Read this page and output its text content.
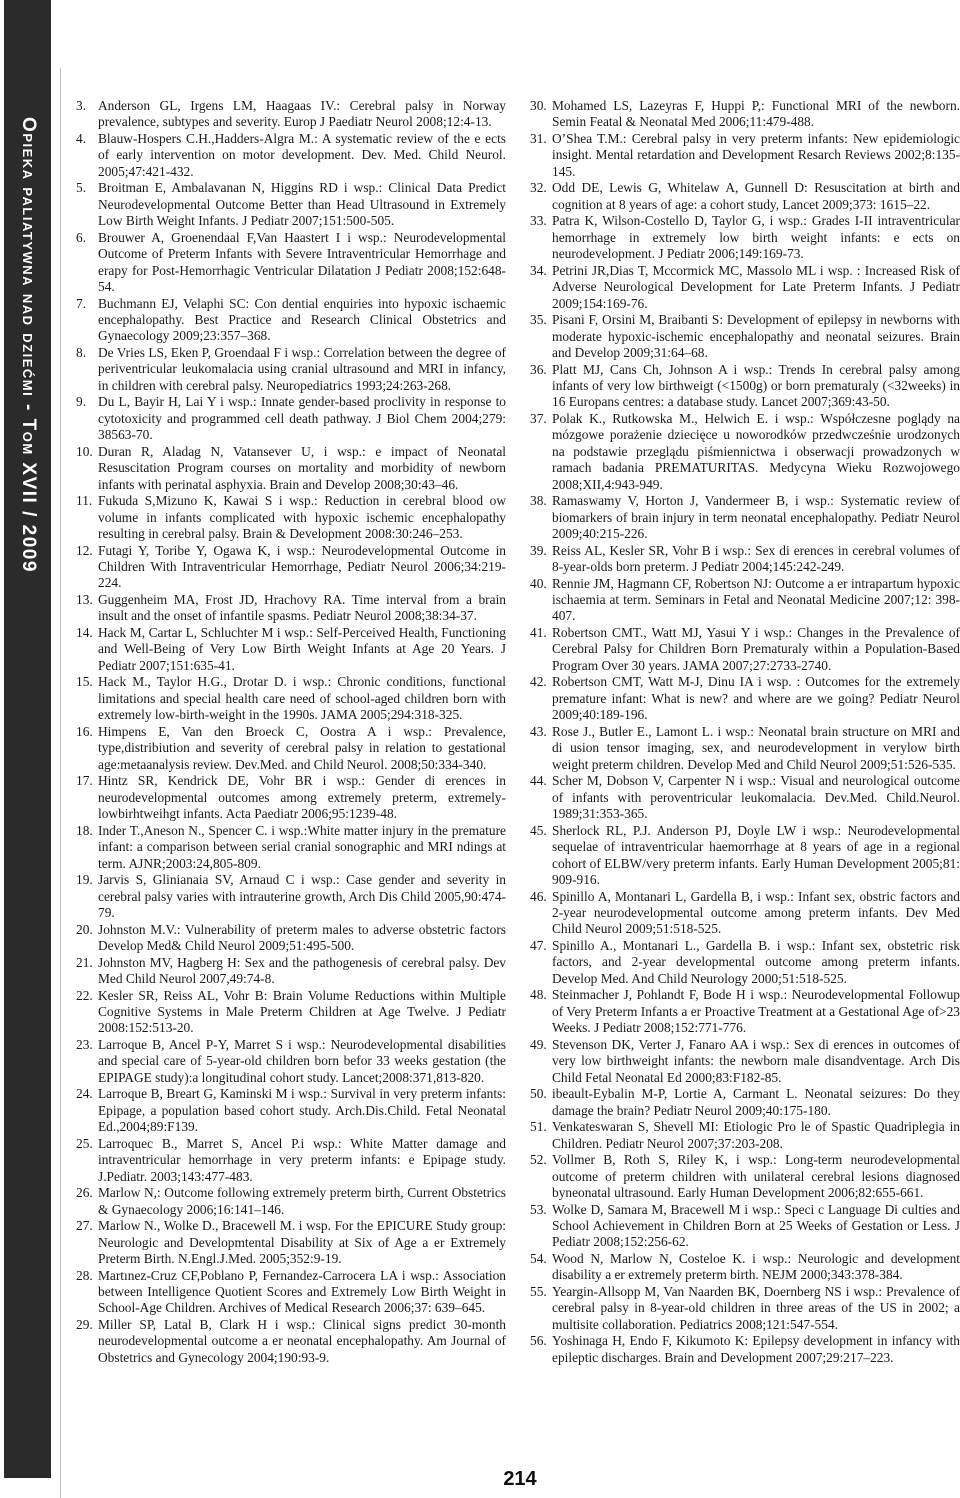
Opieka paliatywna nad dziećmi - Tom XVII / 2009
3. Anderson GL, Irgens LM, Haagaas IV.: Cerebral palsy in Norway prevalence, subtypes and severity. Europ J Paediatr Neurol 2008;12:4-13.
4. Blauw-Hospers C.H.,Hadders-Algra M.: A systematic review of the e ects of early intervention on motor development. Dev. Med. Child Neurol. 2005;47:421-432.
5. Broitman E, Ambalavanan N, Higgins RD i wsp.: Clinical Data Predict Neurodevelopmental Outcome Better than Head Ultrasound in Extremely Low Birth Weight Infants. J Pediatr 2007;151:500-505.
6. Brouwer A, Groenendaal F,Van Haastert I i wsp.: Neurodevelopmental Outcome of Preterm Infants with Severe Intraventricular Hemorrhage and erapy for Post-Hemorrhagic Ventricular Dilatation J Pediatr 2008;152:648-54.
7. Buchmann EJ, Velaphi SC: Con dential enquiries into hypoxic ischaemic encephalopathy. Best Practice and Research Clinical Obstetrics and Gynaecology 2009;23:357–368.
8. De Vries LS, Eken P, Groendaal F i wsp.: Correlation between the degree of periventricular leukomalacia using cranial ultrasound and MRI in infancy, in children with cerebral palsy. Neuropediatrics 1993;24:263-268.
9. Du L, Bayir H, Lai Y i wsp.: Innate gender-based proclivity in response to cytotoxicity and programmed cell death pathway. J Biol Chem 2004;279: 38563-70.
10. Duran R, Aladag N, Vatansever U, i wsp.: e impact of Neonatal Resuscitation Program courses on mortality and morbidity of newborn infants with perinatal asphyxia. Brain and Develop 2008;30:43–46.
11. Fukuda S,Mizuno K, Kawai S i wsp.: Reduction in cerebral blood ow volume in infants complicated with hypoxic ischemic encephalopathy resulting in cerebral palsy. Brain & Development 2008:30:246–253.
12. Futagi Y, Toribe Y, Ogawa K, i wsp.: Neurodevelopmental Outcome in Children With Intraventricular Hemorrhage, Pediatr Neurol 2006;34:219-224.
13. Guggenheim MA, Frost JD, Hrachovy RA. Time interval from a brain insult and the onset of infantile spasms. Pediatr Neurol 2008;38:34-37.
14. Hack M, Cartar L, Schluchter M i wsp.: Self-Perceived Health, Functioning and Well-Being of Very Low Birth Weight Infants at Age 20 Years. J Pediatr 2007;151:635-41.
15. Hack M., Taylor H.G., Drotar D. i wsp.: Chronic conditions, functional limitations and special health care need of school-aged children born with extremely low-birth-weight in the 1990s. JAMA 2005;294:318-325.
16. Himpens E, Van den Broeck C, Oostra A i wsp.: Prevalence, type,distribiution and severity of cerebral palsy in relation to gestational age:metaanalysis review. Dev.Med. and Child Neurol. 2008;50:334-340.
17. Hintz SR, Kendrick DE, Vohr BR i wsp.: Gender di erences in neurodevelopmental outcomes among extremely preterm, extremely-lowbirhtweihgt infants. Acta Paediatr 2006;95:1239-48.
18. Inder T.,Aneson N., Spencer C. i wsp.:White matter injury in the premature infant: a comparison between serial cranial sonographic and MRI ndings at term. AJNR;2003:24,805-809.
19. Jarvis S, Glinianaia SV, Arnaud C i wsp.: Case gender and severity in cerebral palsy varies with intrauterine growth, Arch Dis Child 2005,90:474-79.
20. Johnston M.V.: Vulnerability of preterm males to adverse obstetric factors Develop Med& Child Neurol 2009;51:495-500.
21. Johnston MV, Hagberg H: Sex and the pathogenesis of cerebral palsy. Dev Med Child Neurol 2007,49:74-8.
22. Kesler SR, Reiss AL, Vohr B: Brain Volume Reductions within Multiple Cognitive Systems in Male Preterm Children at Age Twelve. J Pediatr 2008:152:513-20.
23. Larroque B, Ancel P-Y, Marret S i wsp.: Neurodevelopmental disabilities and special care of 5-year-old children born befor 33 weeks gestation (the EPIPAGE study):a longitudinal cohort study. Lancet;2008:371,813-820.
24. Larroque B, Breart G, Kaminski M i wsp.: Survival in very preterm infants: Epipage, a population based cohort study. Arch.Dis.Child. Fetal Neonatal Ed.,2004;89:F139.
25. Larroquec B., Marret S, Ancel P.i wsp.: White Matter damage and intraventricular hemorrhage in very preterm infants: e Epipage study. J.Pediatr. 2003;143:477-483.
26. Marlow N,: Outcome following extremely preterm birth, Current Obstetrics & Gynaecology 2006;16:141–146.
27. Marlow N., Wolke D., Bracewell M. i wsp. For the EPICURE Study group: Neurologic and Developmtental Disability at Six of Age a er Extremely Preterm Birth. N.Engl.J.Med. 2005;352:9-19.
28. Martınez-Cruz CF,Poblano P, Fernandez-Carrocera LA i wsp.: Association between Intelligence Quotient Scores and Extremely Low Birth Weight in School-Age Children. Archives of Medical Research 2006;37: 639–645.
29. Miller SP, Latal B, Clark H i wsp.: Clinical signs predict 30-month neurodevelopmental outcome a er neonatal encephalopathy. Am Journal of Obstetrics and Gynecology 2004;190:93-9.
30. Mohamed LS, Lazeyras F, Huppi P,: Functional MRI of the newborn. Semin Featal & Neonatal Med 2006;11:479-488.
31. O’Shea T.M.: Cerebral palsy in very preterm infants: New epidemiologic insight. Mental retardation and Development Resarch Reviews 2002;8:135-145.
32. Odd DE, Lewis G, Whitelaw A, Gunnell D: Resuscitation at birth and cognition at 8 years of age: a cohort study, Lancet 2009;373: 1615–22.
33. Patra K, Wilson-Costello D, Taylor G, i wsp.: Grades I-II intraventricular hemorrhage in extremely low birth weight infants: e ects on neurodevelopment. J Pediatr 2006;149:169-73.
34. Petrini JR,Dias T, Mccormick MC, Massolo ML i wsp. : Increased Risk of Adverse Neurological Development for Late Preterm Infants. J Pediatr 2009;154:169-76.
35. Pisani F, Orsini M, Braibanti S: Development of epilepsy in newborns with moderate hypoxic-ischemic encephalopathy and neonatal seizures. Brain and Develop 2009;31:64–68.
36. Platt MJ, Cans Ch, Johnson A i wsp.: Trends In cerebral palsy among infants of very low birthweigt (<1500g) or born prematuraly (<32weeks) in 16 Europans centres: a database study. Lancet 2007;369:43-50.
37. Polak K., Rutkowska M., Helwich E. i wsp.: Współczesne poglądy na mózgowe porażenie dziecięce u noworodków przedwcześnie urodzonych na podstawie przeglądu piśmiennictwa i obserwacji prowadzonych w ramach badania PREMATURITAS. Medycyna Wieku Rozwojowego 2008;XII,4:943-949.
38. Ramaswamy V, Horton J, Vandermeer B, i wsp.: Systematic review of biomarkers of brain injury in term neonatal encephalopathy. Pediatr Neurol 2009;40:215-226.
39. Reiss AL, Kesler SR, Vohr B i wsp.: Sex di erences in cerebral volumes of 8-year-olds born preterm. J Pediatr 2004;145:242-249.
40. Rennie JM, Hagmann CF, Robertson NJ: Outcome a er intrapartum hypoxic ischaemia at term. Seminars in Fetal and Neonatal Medicine 2007;12: 398-407.
41. Robertson CMT., Watt MJ, Yasui Y i wsp.: Changes in the Prevalence of Cerebral Palsy for Children Born Prematuraly within a Population-Based Program Over 30 years. JAMA 2007;27:2733-2740.
42. Robertson CMT, Watt M-J, Dinu IA i wsp. : Outcomes for the extremely premature infant: What is new? and where are we going? Pediatr Neurol 2009;40:189-196.
43. Rose J., Butler E., Lamont L. i wsp.: Neonatal brain structure on MRI and di usion tensor imaging, sex, and neurodevelopment in verylow birth weight preterm children. Develop Med and Child Neurol 2009;51:526-535.
44. Scher M, Dobson V, Carpenter N i wsp.: Visual and neurological outcome of infants with peroventricular leukomalacia. Dev.Med. Child.Neurol. 1989;31:353-365.
45. Sherlock RL, P.J. Anderson PJ, Doyle LW i wsp.: Neurodevelopmental sequelae of intraventricular haemorrhage at 8 years of age in a regional cohort of ELBW/very preterm infants. Early Human Development 2005;81: 909-916.
46. Spinillo A, Montanari L, Gardella B, i wsp.: Infant sex, obstric factors and 2-year neurodevelopmental outcome among preterm infants. Dev Med Child Neurol 2009;51:518-525.
47. Spinillo A., Montanari L., Gardella B. i wsp.: Infant sex, obstetric risk factors, and 2-year developmental outcome among preterm infants. Develop Med. And Child Neurology 2000;51:518-525.
48. Steinmacher J, Pohlandt F, Bode H i wsp.: Neurodevelopmental Followup of Very Preterm Infants a er Proactive Treatment at a Gestational Age of>23 Weeks. J Pediatr 2008;152:771-776.
49. Stevenson DK, Verter J, Fanaro AA i wsp.: Sex di erences in outcomes of very low birthweight infants: the newborn male disandventage. Arch Dis Child Fetal Neonatal Ed 2000;83:F182-85.
50. ibeault-Eybalin M-P, Lortie A, Carmant L. Neonatal seizures: Do they damage the brain? Pediatr Neurol 2009;40:175-180.
51. Venkateswaran S, Shevell MI: Etiologic Pro le of Spastic Quadriplegia in Children. Pediatr Neurol 2007;37:203-208.
52. Vollmer B, Roth S, Riley K, i wsp.: Long-term neurodevelopmental outcome of preterm children with unilateral cerebral lesions diagnosed byneonatal ultrasound. Early Human Development 2006;82:655-661.
53. Wolke D, Samara M, Bracewell M i wsp.: Speci c Language Di culties and School Achievement in Children Born at 25 Weeks of Gestation or Less. J Pediatr 2008;152:256-62.
54. Wood N, Marlow N, Costeloe K. i wsp.: Neurologic and development disability a er extremely preterm birth. NEJM 2000;343:378-384.
55. Yeargin-Allsopp M, Van Naarden BK, Doernberg NS i wsp.: Prevalence of cerebral palsy in 8-year-old children in three areas of the US in 2002; a multisite collaboration. Pediatrics 2008;121:547-554.
56. Yoshinaga H, Endo F, Kikumoto K: Epilepsy development in infancy with epileptic discharges. Brain and Development 2007;29:217–223.
214
